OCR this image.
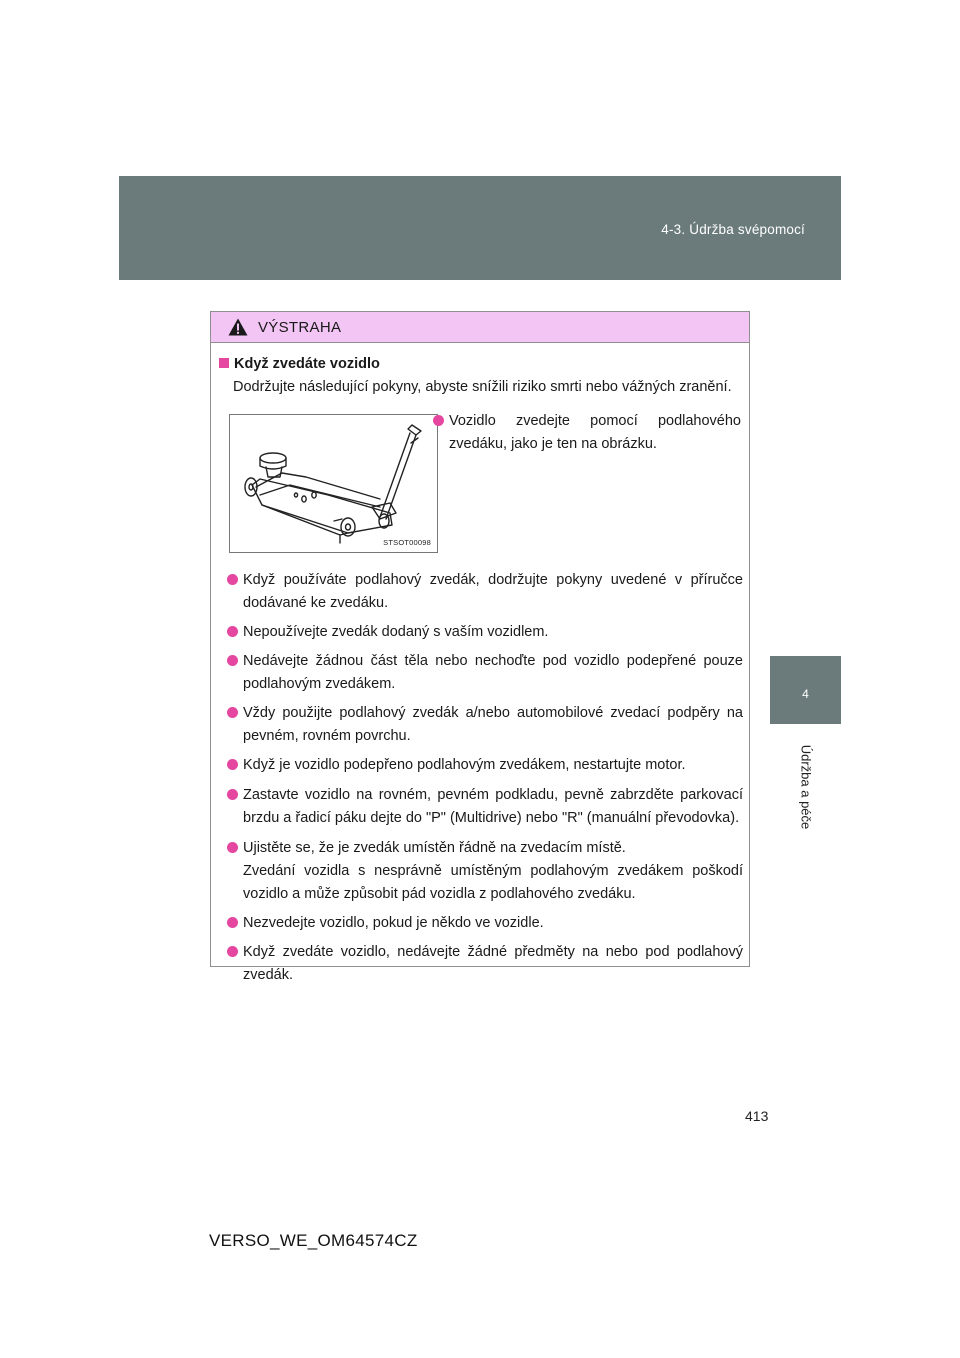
4-3. Údržba svépomocí
4
Údržba a péče
VÝSTRAHA
Když zvedáte vozidlo
Dodržujte následující pokyny, abyste snížili riziko smrti nebo vážných zranění.
STSOT00098
Vozidlo zvedejte pomocí podlahového zvedáku, jako je ten na obrázku.
Když používáte podlahový zvedák, dodržujte pokyny uvedené v příručce dodávané ke zvedáku.
Nepoužívejte zvedák dodaný s vaším vozidlem.
Nedávejte žádnou část těla nebo nechoďte pod vozidlo podepřené pouze podlahovým zvedákem.
Vždy použijte podlahový zvedák a/nebo automobilové zvedací podpěry na pevném, rovném povrchu.
Když je vozidlo podepřeno podlahovým zvedákem, nestartujte motor.
Zastavte vozidlo na rovném, pevném podkladu, pevně zabrzděte parkovací brzdu a řadicí páku dejte do "P" (Multidrive) nebo "R" (manuální převodovka).
Ujistěte se, že je zvedák umístěn řádně na zvedacím místě.
Zvedání vozidla s nesprávně umístěným podlahovým zvedákem poškodí vozidlo a může způsobit pád vozidla z podlahového zvedáku.
Nezvedejte vozidlo, pokud je někdo ve vozidle.
Když zvedáte vozidlo, nedávejte žádné předměty na nebo pod podlahový zvedák.
413
VERSO_WE_OM64574CZ
